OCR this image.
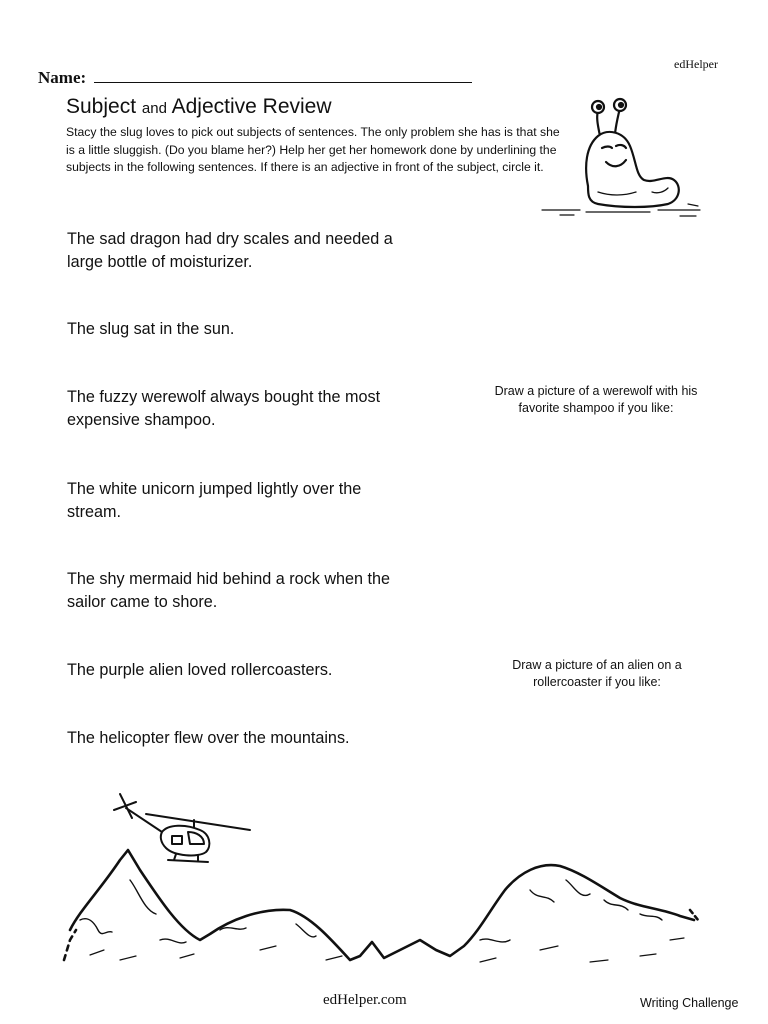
edHelper
Name:
Subject and Adjective Review
Stacy the slug loves to pick out subjects of sentences. The only problem she has is that she is a little sluggish. (Do you blame her?) Help her get her homework done by underlining the subjects in the following sentences. If there is an adjective in front of the subject, circle it.
The sad dragon had dry scales and needed a large bottle of moisturizer.
The slug sat in the sun.
The fuzzy werewolf always bought the most expensive shampoo.
The white unicorn jumped lightly over the stream.
The shy mermaid hid behind a rock when the sailor came to shore.
The purple alien loved rollercoasters.
The helicopter flew over the mountains.
Draw a picture of a werewolf with his favorite shampoo if you like:
Draw a picture of an alien on a rollercoaster if you like:
edHelper.com	Writing Challenge
